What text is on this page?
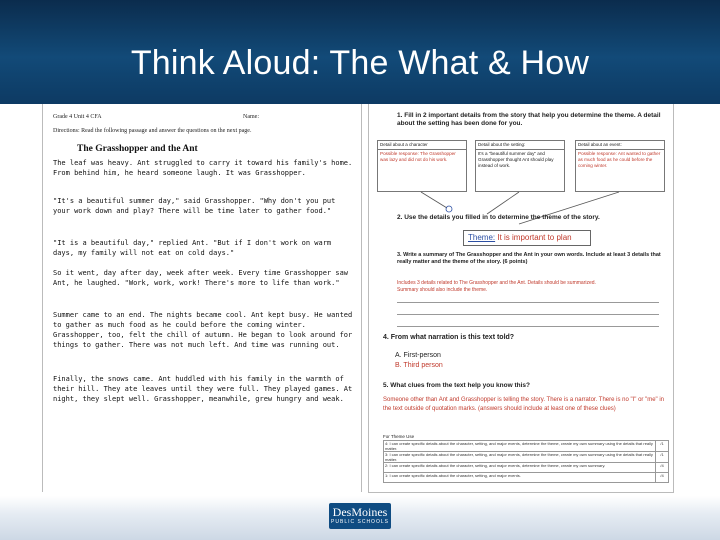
Think Aloud: The What & How
Grade 4 Unit 4 CFA	Name:
Directions: Read the following passage and answer the questions on the next page.
The Grasshopper and the Ant

The leaf was heavy. Ant struggled to carry it toward his family's home. From behind him, he heard someone laugh. It was Grasshopper.

"It's a beautiful summer day," said Grasshopper. "Why don't you put your work down and play? There will be time later to gather food."

"It is a beautiful day," replied Ant. "But if I don't work on warm days, my family will not eat on cold days."

So it went, day after day, week after week. Every time Grasshopper saw Ant, he laughed. "Work, work, work! There's more to life than work."

Summer came to an end. The nights became cool. Ant kept busy. He wanted to gather as much food as he could before the coming winter. Grasshopper, too, felt the chill of autumn. He began to look around for things to gather. There was not much left. And time was running out.

Finally, the snows came. Ant huddled with his family in the warmth of their hill. They ate leaves until they were full. They played games. At night, they slept well. Grasshopper, meanwhile, grew hungry and weak.

1. Fill in 2 important details from the story that help you determine the theme. A detail about the setting has been done for you.
Detail about a character
Possible response: The Grasshopper was lazy and did not do his work.
Detail about the setting:
It's a "beautiful summer day" and Grasshopper thought Ant should play instead of work.
Detail about an event:
Possible response: Ant wanted to gather as much food as he could before the coming winter.
2. Use the details you filled in to determine the theme of the story.
Theme: It is important to plan
3. Write a summary of The Grasshopper and the Ant in your own words. Include at least 3 details that really matter and the theme of the story. (6 points)
Includes 3 details related to The Grasshopper and the Ant. Details should be summarized.
Summary should also include the theme.
4. From what narration is this text told?
A. First-person
B. Third person
5. What clues from the text help you know this?
Someone other than Ant and Grasshopper is telling the story. There is a narrator. There is no "I" or "me" in the text outside of quotation marks. (answers should include at least one of these clues)
For Theme Use
4: I can create specific details about the character, setting, and major events, determine the theme, create my own summary using the details that really matter.	/1
3: I can create specific details about the character, setting, and major events, determine the theme, create my own summary using the details that really matter.	/1
2: I can create specific details about the character, setting, and major events, determine the theme, create my own summary.	/4
1: I can create specific details about the character, setting, and major events.	/4
DesMoines
PUBLIC SCHOOLS
